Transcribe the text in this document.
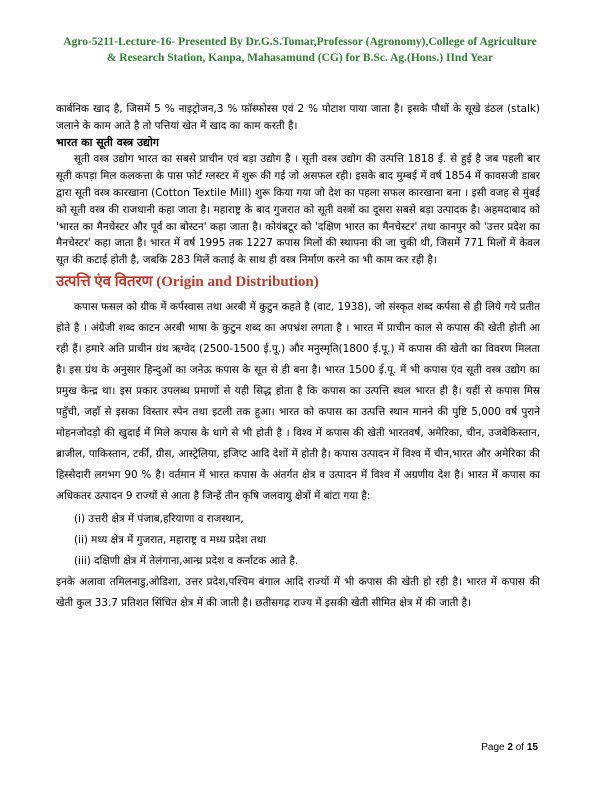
Agro-5211-Lecture-16- Presented By Dr.G.S.Tomar,Professor (Agronomy),College of Agriculture
& Research Station, Kanpa, Mahasamund (CG) for B.Sc. Ag.(Hons.) IInd Year

कार्बनिक खाद है, जिसमें 5 % नाइट्रोजन,3 % फॉस्फोरस एवं 2 % पोटाश पाया जाता है। इसके पौधों के सूखे डंठल (stalk) जलाने के काम आते है तो पत्तियां खेत में खाद का काम करती है।

भारत का सूती वस्त्र उद्योग

सूती वस्त्र उद्योग भारत का सबसे प्राचीन एवं बड़ा उद्योग है । सूती वस्त्र उद्योग की उत्पत्ति 1818 ई. से हुई है जब पहली बार सूती कपड़ा मिल कलकत्ता के पास फोर्ट ग्लस्टर में शुरू की गई जो असफल रही। इसके बाद मुम्बई में वर्ष 1854 में कावसजी डाबर द्वारा सूती वस्त्र कारखाना (Cotton Textile Mill) शुरू किया गया जो देश का पहला सफल कारखाना बना । इसी वजह से मुंबई को सूती वस्त्र की राजधानी कहा जाता है। महाराष्ट्र के बाद गुजरात को सूती वस्त्रों का दूसरा सबसे बड़ा उत्पादक है। अहमदाबाद को 'भारत का मैनचेस्टर और पूर्व का बोस्टन' कहा जाता है। कोयंबटूर को 'दक्षिण भारत का मैनचेस्टर' तथा कानपुर को 'उत्तर प्रदेश का मैनचेस्टर' कहा जाता है। भारत में वर्ष 1995 तक 1227 कपास मिलों की स्थापना की जा चुकी थी, जिसमें 771 मिलों में केवल सूत की कटाई होती है, जबकि 283 मिलें कताई के साथ ही वस्त्र निर्माण करने का भी काम कर रही है।

उत्पत्ति एंव वितरण (Origin and Distribution)

कपास फसल को ग्रीक में कर्पस्वास तथा अरबी में कुटुन कहते है (वाट, 1938), जो संस्कृत शब्द कर्पसा से ही लिये गये प्रतीत होते है । अंग्रेजी शब्द काटन अरबी भाषा के कुटुन शब्द का अपभ्रंश लगता है । भारत में प्राचीन काल से कपास की खेती होती आ रही हैं। हमारे अति प्राचीन ग्रंथ ऋग्वेद (2500-1500 ई.पू.) और मनुस्मृति(1800 ई.पू.) में कपास की खेती का विवरण मिलता है। इस ग्रंथ के अनुसार हिन्दुओं का जनेऊ कपास के सूत से ही बना है। भारत 1500 ई.पू. में भी कपास एंव सूती वस्त्र उद्योग का प्रमुख केन्द्र था। इस प्रकार उपलब्ध प्रमाणों से यही सिद्ध होता है कि कपास का उत्पत्ति स्थल भारत ही है। यहीं से कपास मिस्र पहुँची, जहाँ से इसका विस्तार स्पेन तथा इटली तक हुआ। भारत को कपास का उत्पत्ति स्थान मानने की पुष्टि 5,000 वर्ष पुराने मोहनजोदड़ो की खुदाई में मिले कपास के धागे से भी होती है । विश्व में कपास की खेती भारतवर्ष, अमेरिका, चीन, उजबेकिस्तान, ब्राजील, पाकिस्तान, टर्की, ग्रीस, आस्ट्रेलिया, इजिप्ट आदि देशों में होती है। कपास उत्पादन में विश्व में चीन,भारत और अमेरिका की हिस्सेदारी लगभग 90 % है। वर्तमान में भारत कपास के अंतर्गत क्षेत्र व उत्पादन में विश्व में अग्रणीय देश है। भारत में कपास का अधिकतर उत्पादन 9 राज्यों से आता है जिन्हें तीन कृषि जलवायु क्षेत्रों में बांटा गया है:

(i) उत्तरी क्षेत्र में पंजाब,हरियाणा व राजस्थान,
(ii) मध्य क्षेत्र में गुजरात, महाराष्ट्र व मध्य प्रदेश तथा
(iii) दक्षिणी क्षेत्र में तेलंगाना,आन्ध्र प्रदेश व कर्नाटक आते है.

इनके अलावा तमिलनाडु,ओडिशा, उत्तर प्रदेश,पश्चिम बंगाल आदि राज्यों में भी कपास की खेती हो रही है। भारत में कपास की खेती कुल 33.7 प्रतिशत सिंचित क्षेत्र में की जाती है। छतीसगढ़ राज्य में इसकी खेती सीमित क्षेत्र में की जाती है।

Page 2 of 15
